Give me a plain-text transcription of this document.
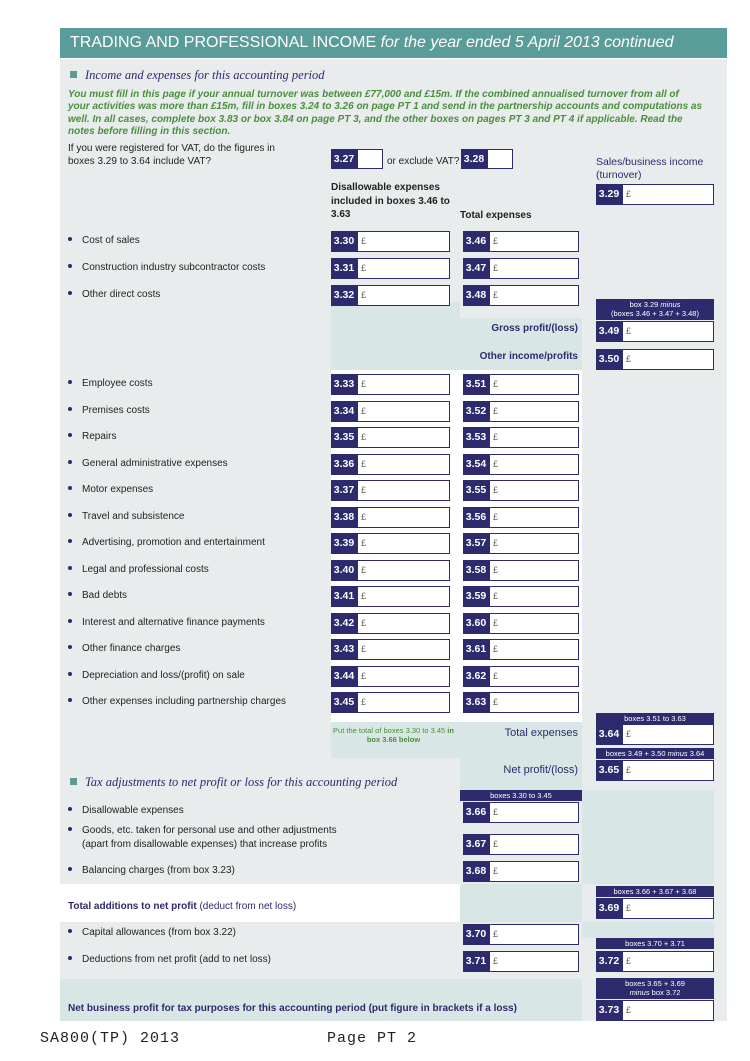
TRADING AND PROFESSIONAL INCOME for the year ended 5 April 2013 continued
Income and expenses for this accounting period
You must fill in this page if your annual turnover was between £77,000 and £15m. If the combined annualised turnover from all of your activities was more than £15m, fill in boxes 3.24 to 3.26 on page PT 1 and send in the partnership accounts and computations as well. In all cases, complete box 3.83 or box 3.84 on page PT 3, and the other boxes on pages PT 3 and PT 4 if applicable. Read the notes before filling in this section.
If you were registered for VAT, do the figures in
boxes 3.29 to 3.64 include VAT?	3.27	or exclude VAT? 3.28	Sales/business income (turnover)
3.29 £
Disallowable expenses included in boxes 3.46 to 3.63	Total expenses
Cost of sales	3.30 £	3.46 £
Construction industry subcontractor costs	3.31 £	3.47 £
Other direct costs	3.32 £	3.48 £
box 3.29 minus
(boxes 3.46 + 3.47 + 3.48)
Gross profit/(loss) 3.49 £
Other income/profits 3.50 £
Employee costs	3.33 £	3.51 £
Premises costs	3.34 £	3.52 £
Repairs	3.35 £	3.53 £
General administrative expenses	3.36 £	3.54 £
Motor expenses	3.37 £	3.55 £
Travel and subsistence	3.38 £	3.56 £
Advertising, promotion and entertainment	3.39 £	3.57 £
Legal and professional costs	3.40 £	3.58 £
Bad debts	3.41 £	3.59 £
Interest and alternative finance payments	3.42 £	3.60 £
Other finance charges	3.43 £	3.61 £
Depreciation and loss/(profit) on sale	3.44 £	3.62 £
Other expenses including partnership charges	3.45 £	3.63 £
Put the total of boxes 3.30 to 3.45 in box 3.66 below
boxes 3.51 to 3.63
Total expenses 3.64 £
boxes 3.49 + 3.50 minus 3.64
Net profit/(loss) 3.65 £
Tax adjustments to net profit or loss for this accounting period
boxes 3.30 to 3.45
Disallowable expenses	3.66 £
Goods, etc. taken for personal use and other adjustments
(apart from disallowable expenses) that increase profits	3.67 £
Balancing charges (from box 3.23)	3.68 £
boxes 3.66 + 3.67 + 3.68
Total additions to net profit (deduct from net loss)	3.69 £
Capital allowances (from box 3.22)	3.70 £
boxes 3.70 + 3.71
Deductions from net profit (add to net loss)	3.71 £	3.72 £
boxes 3.65 + 3.69
minus box 3.72
Net business profit for tax purposes for this accounting period (put figure in brackets if a loss)	3.73 £
SA800(TP) 2013	Page PT 2
